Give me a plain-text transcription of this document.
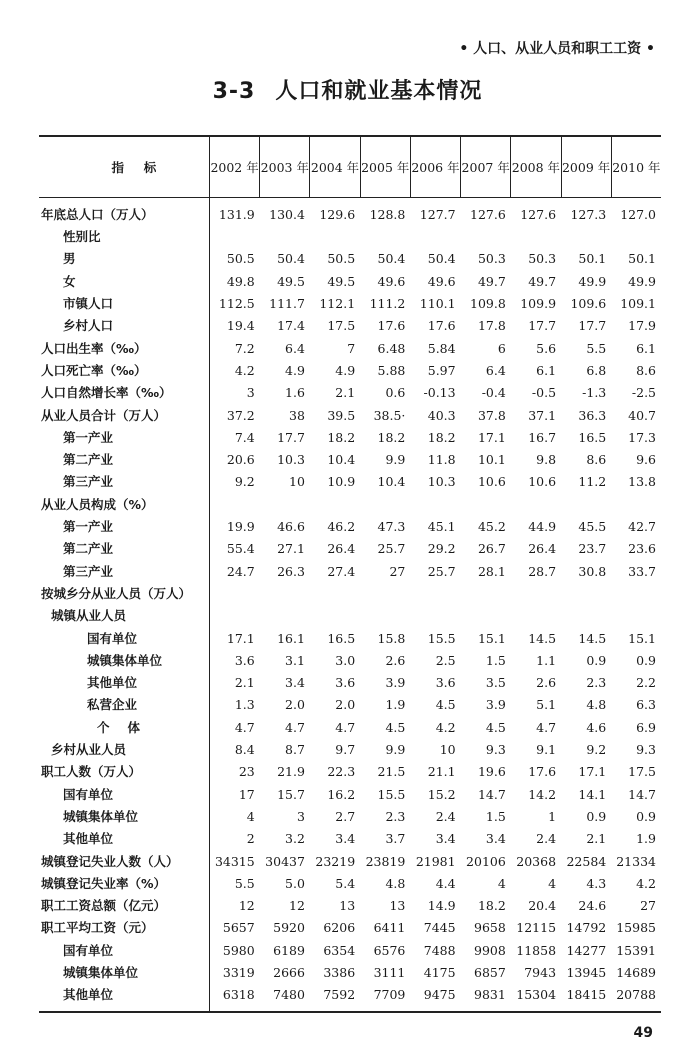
• 人口、从业人员和职工工资 •
3-3 人口和就业基本情况
指 标	2002 年	2003 年	2004 年	2005 年	2006 年	2007 年	2008 年	2009 年	2010 年
年底总人口（万人）	131.9	130.4	129.6	128.8	127.7	127.6	127.6	127.3	127.0
性别比									
男	50.5	50.4	50.5	50.4	50.4	50.3	50.3	50.1	50.1
女	49.8	49.5	49.5	49.6	49.6	49.7	49.7	49.9	49.9
市镇人口	112.5	111.7	112.1	111.2	110.1	109.8	109.9	109.6	109.1
乡村人口	19.4	17.4	17.5	17.6	17.6	17.8	17.7	17.7	17.9
人口出生率（‰）	7.2	6.4	7	6.48	5.84	6	5.6	5.5	6.1
人口死亡率（‰）	4.2	4.9	4.9	5.88	5.97	6.4	6.1	6.8	8.6
人口自然增长率（‰）	3	1.6	2.1	0.6	-0.13	-0.4	-0.5	-1.3	-2.5
从业人员合计（万人）	37.2	38	39.5	38.5·	40.3	37.8	37.1	36.3	40.7
第一产业	7.4	17.7	18.2	18.2	18.2	17.1	16.7	16.5	17.3
第二产业	20.6	10.3	10.4	9.9	11.8	10.1	9.8	8.6	9.6
第三产业	9.2	10	10.9	10.4	10.3	10.6	10.6	11.2	13.8
从业人员构成（%）									
第一产业	19.9	46.6	46.2	47.3	45.1	45.2	44.9	45.5	42.7
第二产业	55.4	27.1	26.4	25.7	29.2	26.7	26.4	23.7	23.6
第三产业	24.7	26.3	27.4	27	25.7	28.1	28.7	30.8	33.7
按城乡分从业人员（万人）									
城镇从业人员									
国有单位	17.1	16.1	16.5	15.8	15.5	15.1	14.5	14.5	15.1
城镇集体单位	3.6	3.1	3.0	2.6	2.5	1.5	1.1	0.9	0.9
其他单位	2.1	3.4	3.6	3.9	3.6	3.5	2.6	2.3	2.2
私营企业	1.3	2.0	2.0	1.9	4.5	3.9	5.1	4.8	6.3
个体	4.7	4.7	4.7	4.5	4.2	4.5	4.7	4.6	6.9
乡村从业人员	8.4	8.7	9.7	9.9	10	9.3	9.1	9.2	9.3
职工人数（万人）	23	21.9	22.3	21.5	21.1	19.6	17.6	17.1	17.5
国有单位	17	15.7	16.2	15.5	15.2	14.7	14.2	14.1	14.7
城镇集体单位	4	3	2.7	2.3	2.4	1.5	1	0.9	0.9
其他单位	2	3.2	3.4	3.7	3.4	3.4	2.4	2.1	1.9
城镇登记失业人数（人）	34315	30437	23219	23819	21981	20106	20368	22584	21334
城镇登记失业率（%）	5.5	5.0	5.4	4.8	4.4	4	4	4.3	4.2
职工工资总额（亿元）	12	12	13	13	14.9	18.2	20.4	24.6	27
职工平均工资（元）	5657	5920	6206	6411	7445	9658	12115	14792	15985
国有单位	5980	6189	6354	6576	7488	9908	11858	14277	15391
城镇集体单位	3319	2666	3386	3111	4175	6857	7943	13945	14689
其他单位	6318	7480	7592	7709	9475	9831	15304	18415	20788
49
